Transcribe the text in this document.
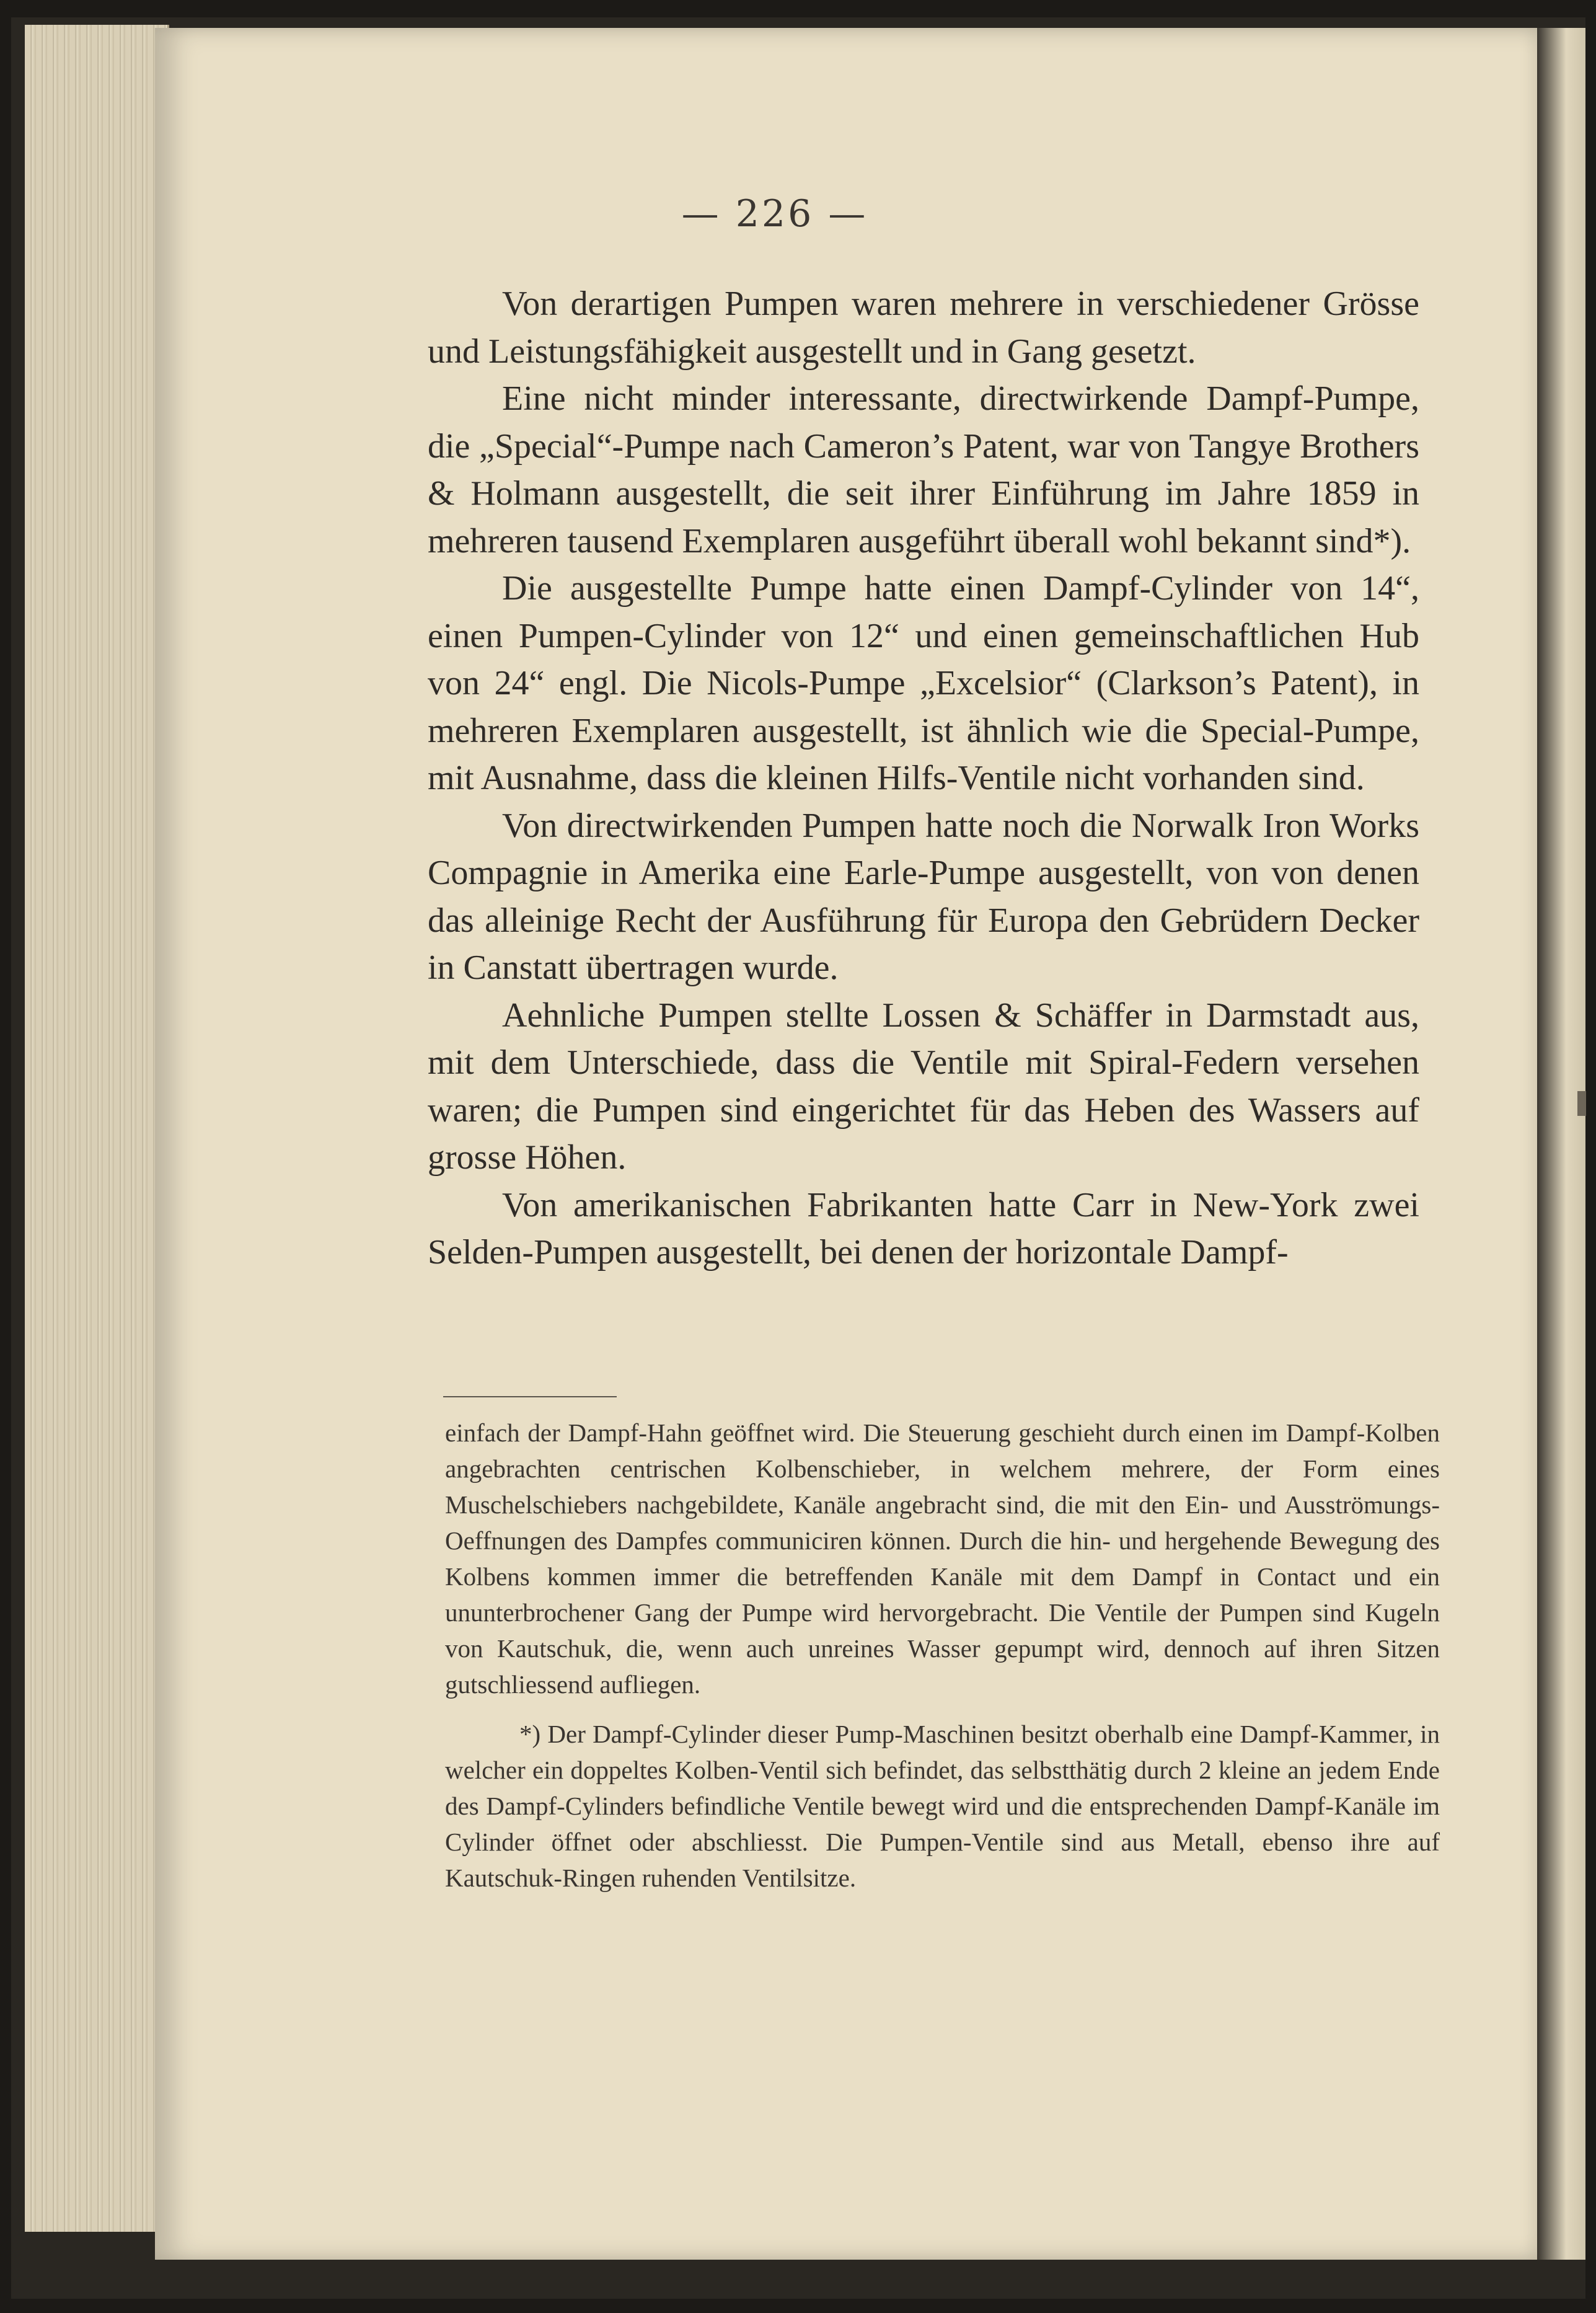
— 226 —

Von derartigen Pumpen waren mehrere in verschiedener Grösse und Leistungsfähigkeit ausgestellt und in Gang gesetzt.

Eine nicht minder interessante, directwirkende Dampf-Pumpe, die „Special“-Pumpe nach Cameron’s Patent, war von Tangye Brothers & Holmann ausgestellt, die seit ihrer Einführung im Jahre 1859 in mehreren tausend Exemplaren ausgeführt überall wohl bekannt sind*).

Die ausgestellte Pumpe hatte einen Dampf-Cylinder von 14“, einen Pumpen-Cylinder von 12“ und einen gemeinschaftlichen Hub von 24“ engl. Die Nicols-Pumpe „Excelsior“ (Clarkson’s Patent), in mehreren Exemplaren ausgestellt, ist ähnlich wie die Special-Pumpe, mit Ausnahme, dass die kleinen Hilfs-Ventile nicht vorhanden sind.

Von directwirkenden Pumpen hatte noch die Norwalk Iron Works Compagnie in Amerika eine Earle-Pumpe ausgestellt, von von denen das alleinige Recht der Ausführung für Europa den Gebrüdern Decker in Canstatt übertragen wurde.

Aehnliche Pumpen stellte Lossen & Schäffer in Darmstadt aus, mit dem Unterschiede, dass die Ventile mit Spiral-Federn versehen waren; die Pumpen sind eingerichtet für das Heben des Wassers auf grosse Höhen.

Von amerikanischen Fabrikanten hatte Carr in New-York zwei Selden-Pumpen ausgestellt, bei denen der horizontale Dampf-

einfach der Dampf-Hahn geöffnet wird. Die Steuerung geschieht durch einen im Dampf-Kolben angebrachten centrischen Kolbenschieber, in welchem mehrere, der Form eines Muschelschiebers nachgebildete, Kanäle angebracht sind, die mit den Ein- und Ausströmungs-Oeffnungen des Dampfes communiciren können. Durch die hin- und hergehende Bewegung des Kolbens kommen immer die betreffenden Kanäle mit dem Dampf in Contact und ein ununterbrochener Gang der Pumpe wird hervorgebracht. Die Ventile der Pumpen sind Kugeln von Kautschuk, die, wenn auch unreines Wasser gepumpt wird, dennoch auf ihren Sitzen gutschliessend aufliegen.

*) Der Dampf-Cylinder dieser Pump-Maschinen besitzt oberhalb eine Dampf-Kammer, in welcher ein doppeltes Kolben-Ventil sich befindet, das selbstthätig durch 2 kleine an jedem Ende des Dampf-Cylinders befindliche Ventile bewegt wird und die entsprechenden Dampf-Kanäle im Cylinder öffnet oder abschliesst. Die Pumpen-Ventile sind aus Metall, ebenso ihre auf Kautschuk-Ringen ruhenden Ventilsitze.
